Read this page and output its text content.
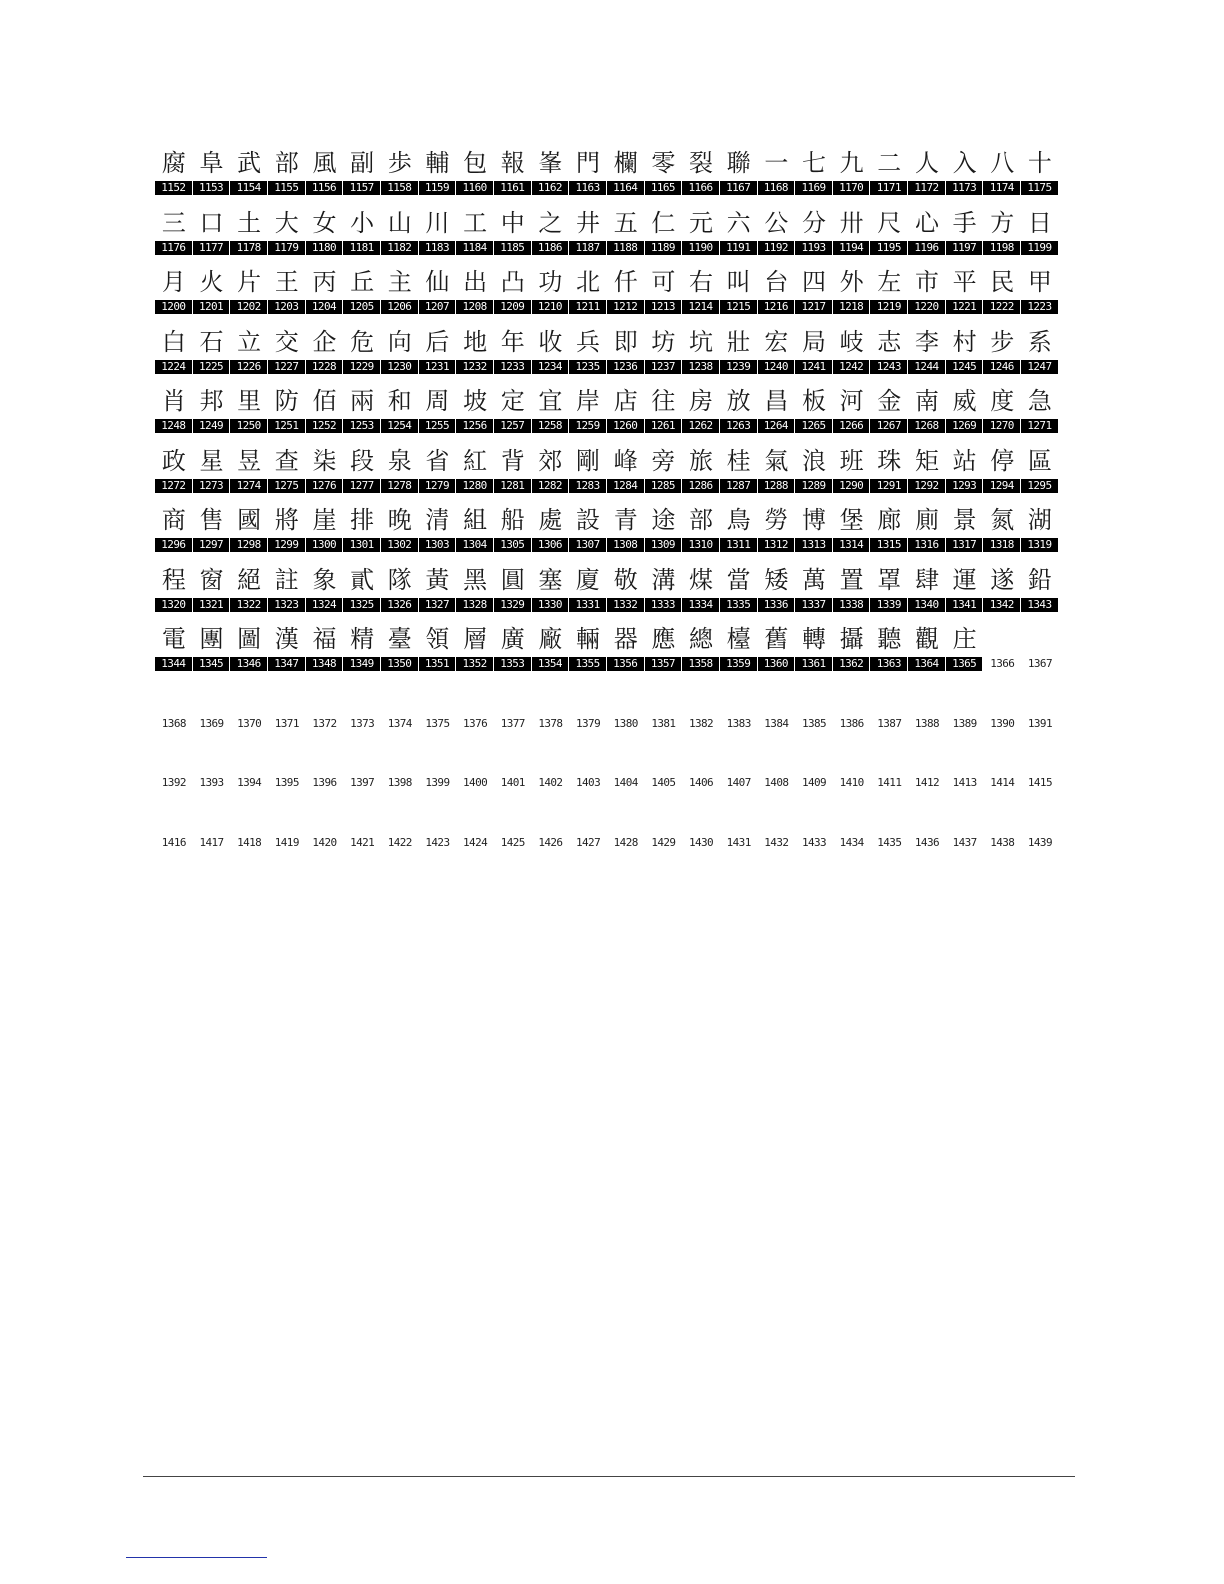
腐 阜 武 部 風 副 歩 輔 包 報 峯 門 欄 零 裂 聯 一 七 九 二 人 入 八 十
1152	1153	1154	1155	1156	1157	1158	1159	1160	1161	1162	1163	1164	1165	1166	1167	1168	1169	1170	1171	1172	1173	1174	1175
三 口 土 大 女 小 山 川 工 中 之 井 五 仁 元 六 公 分 卅 尺 心 手 方 日
1176	1177	1178	1179	1180	1181	1182	1183	1184	1185	1186	1187	1188	1189	1190	1191	1192	1193	1194	1195	1196	1197	1198	1199
月 火 片 王 丙 丘 主 仙 出 凸 功 北 仟 可 右 叫 台 四 外 左 市 平 民 甲
1200	1201	1202	1203	1204	1205	1206	1207	1208	1209	1210	1211	1212	1213	1214	1215	1216	1217	1218	1219	1220	1221	1222	1223
白 石 立 交 企 危 向 后 地 年 收 兵 即 坊 坑 壯 宏 局 岐 志 李 村 步 系
1224	1225	1226	1227	1228	1229	1230	1231	1232	1233	1234	1235	1236	1237	1238	1239	1240	1241	1242	1243	1244	1245	1246	1247
肖 邦 里 防 佰 兩 和 周 坡 定 宜 岸 店 往 房 放 昌 板 河 金 南 威 度 急
1248	1249	1250	1251	1252	1253	1254	1255	1256	1257	1258	1259	1260	1261	1262	1263	1264	1265	1266	1267	1268	1269	1270	1271
政 星 昱 查 柒 段 泉 省 紅 背 郊 剛 峰 旁 旅 桂 氣 浪 班 珠 矩 站 停 區
1272	1273	1274	1275	1276	1277	1278	1279	1280	1281	1282	1283	1284	1285	1286	1287	1288	1289	1290	1291	1292	1293	1294	1295
商 售 國 將 崖 排 晚 清 組 船 處 設 青 途 部 鳥 勞 博 堡 廊 廁 景 氮 湖
1296	1297	1298	1299	1300	1301	1302	1303	1304	1305	1306	1307	1308	1309	1310	1311	1312	1313	1314	1315	1316	1317	1318	1319
程 窗 絕 註 象 貳 隊 黃 黑 圓 塞 廈 敬 溝 煤 當 矮 萬 置 罩 肆 運 遂 鉛
1320	1321	1322	1323	1324	1325	1326	1327	1328	1329	1330	1331	1332	1333	1334	1335	1336	1337	1338	1339	1340	1341	1342	1343
電 團 圖 漢 福 精 臺 領 層 廣 廠 輛 器 應 總 檯 舊 轉 攝 聽 觀 庄
1344	1345	1346	1347	1348	1349	1350	1351	1352	1353	1354	1355	1356	1357	1358	1359	1360	1361	1362	1363	1364	1365	1366	1367
1368	1369	1370	1371	1372	1373	1374	1375	1376	1377	1378	1379	1380	1381	1382	1383	1384	1385	1386	1387	1388	1389	1390	1391
1392	1393	1394	1395	1396	1397	1398	1399	1400	1401	1402	1403	1404	1405	1406	1407	1408	1409	1410	1411	1412	1413	1414	1415
1416	1417	1418	1419	1420	1421	1422	1423	1424	1425	1426	1427	1428	1429	1430	1431	1432	1433	1434	1435	1436	1437	1438	1439
